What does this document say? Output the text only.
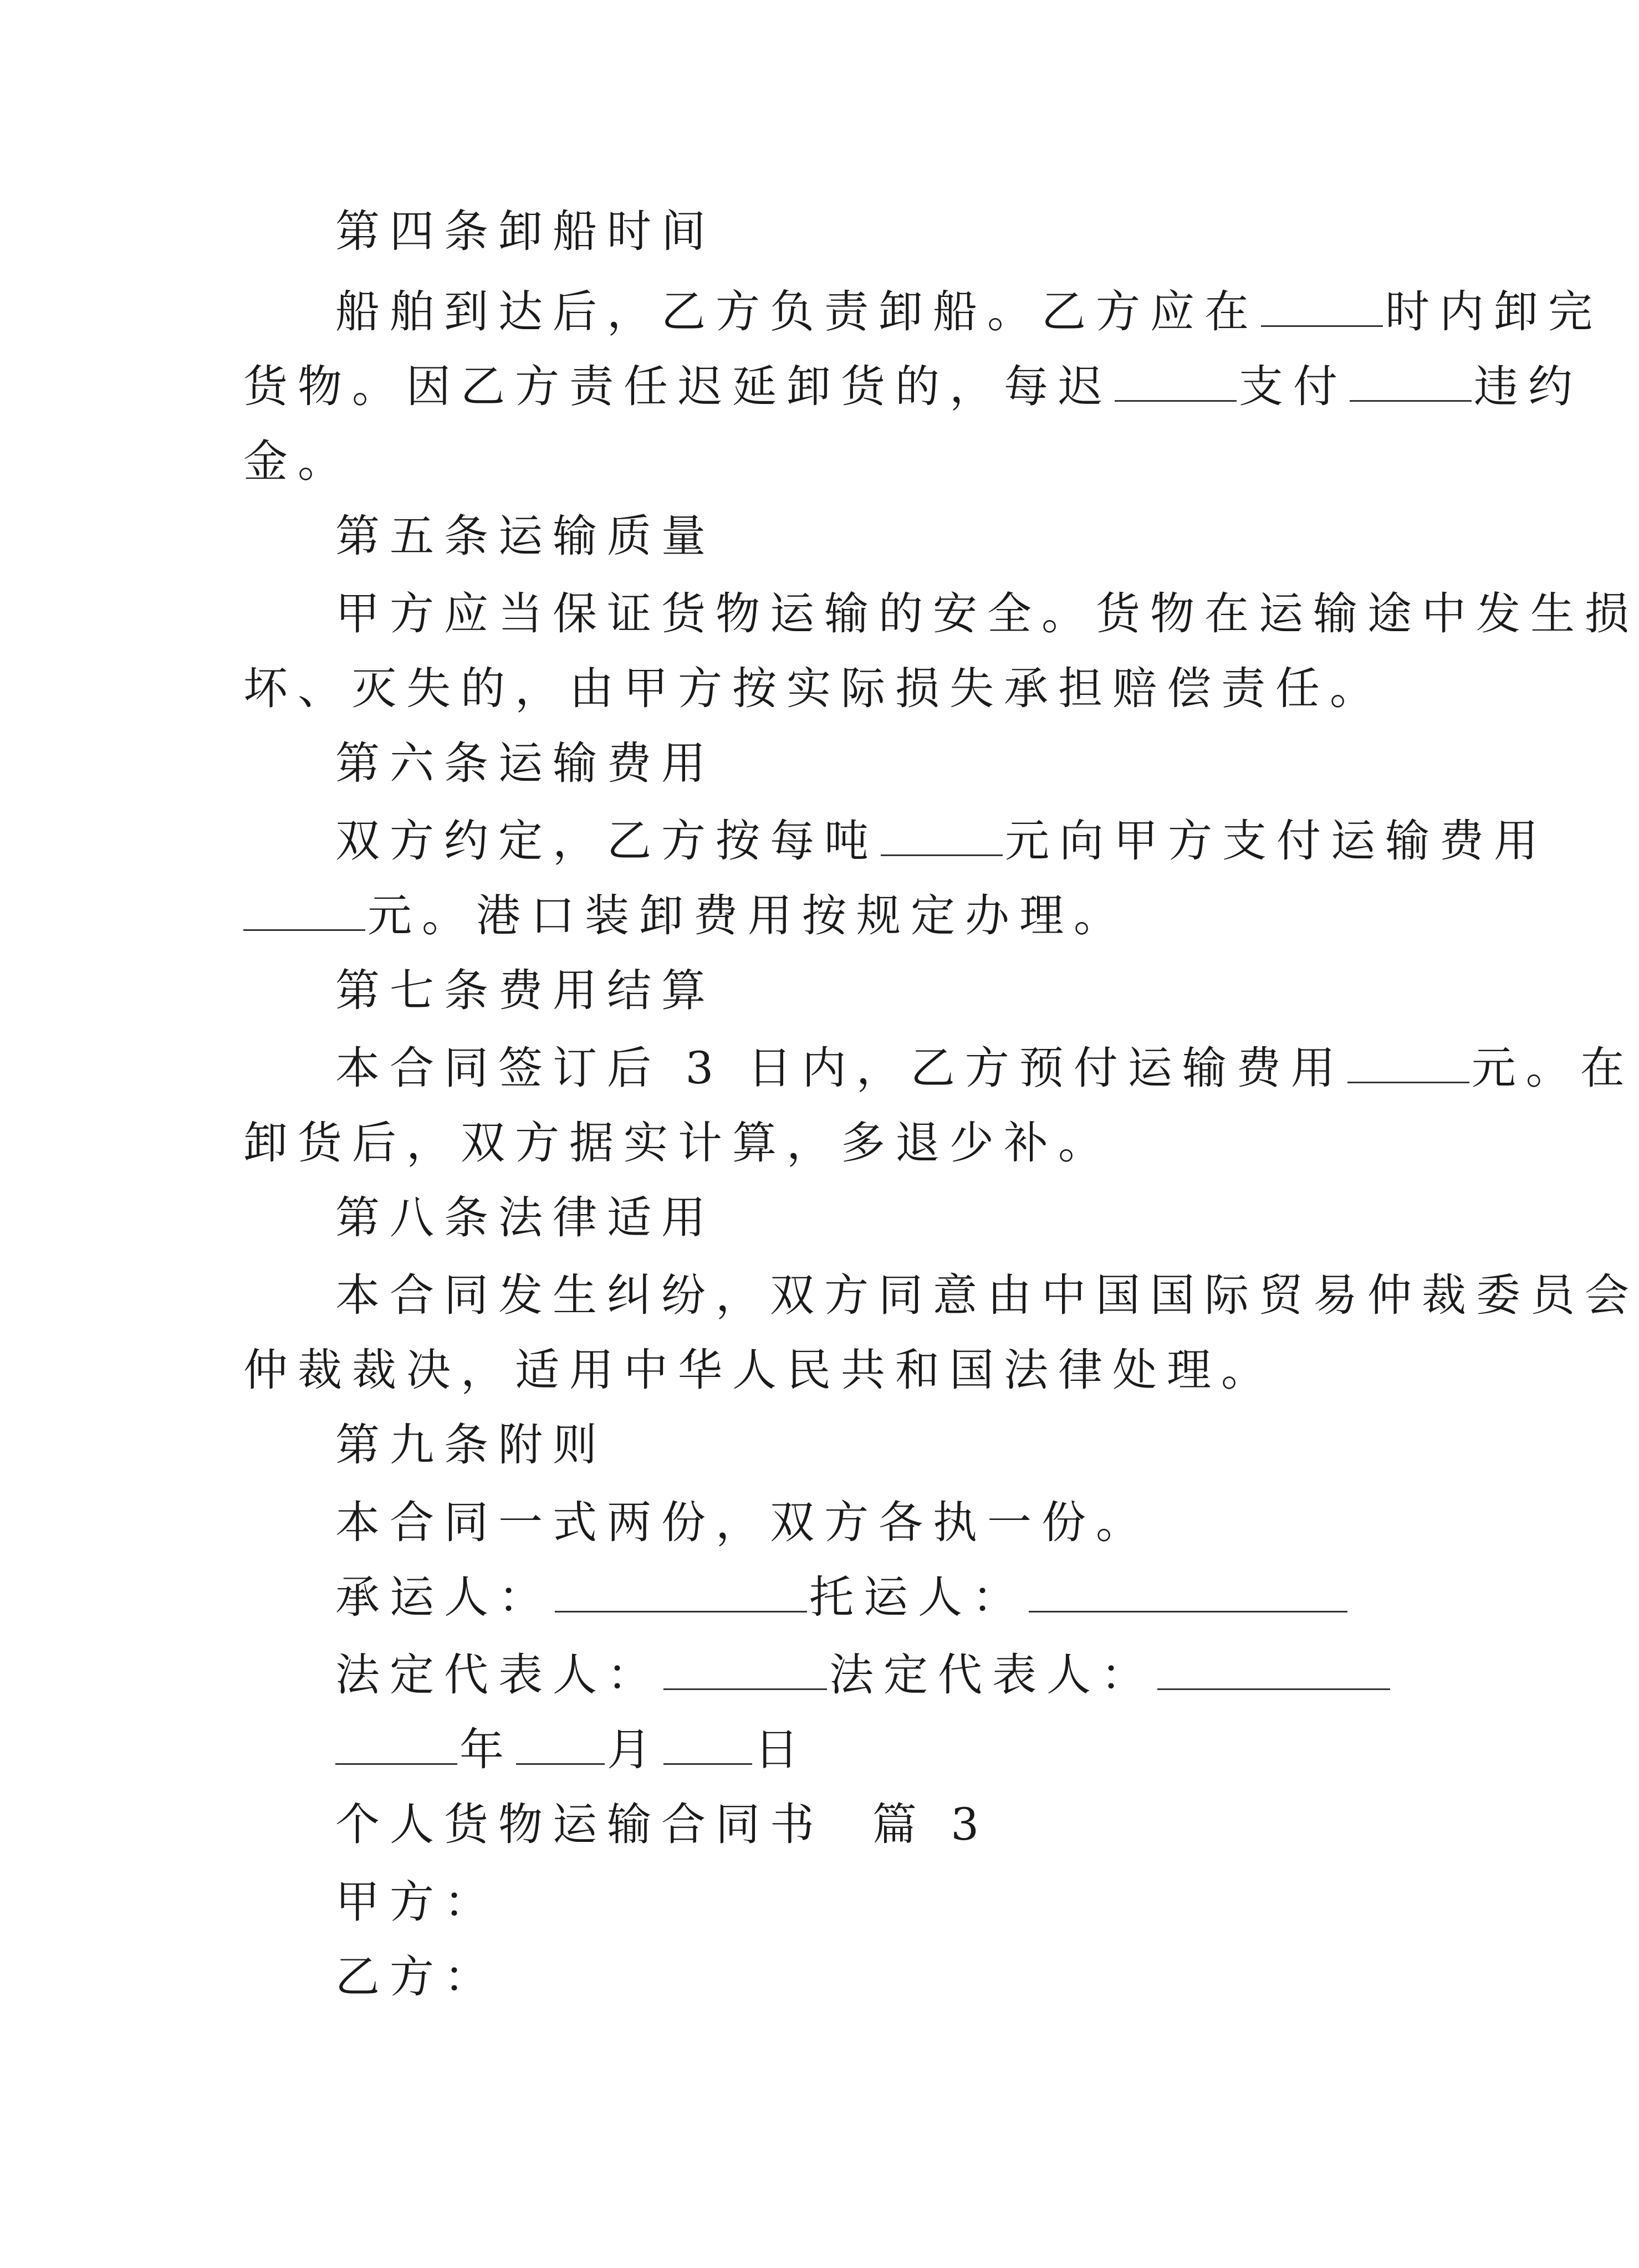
第四条卸船时间
船舶到达后，乙方负责卸船。乙方应在	时内卸完
货物。因乙方责任迟延卸货的，每迟	支付	违约
金。
第五条运输质量
甲方应当保证货物运输的安全。货物在运输途中发生损
坏、灭失的，由甲方按实际损失承担赔偿责任。
第六条运输费用
双方约定，乙方按每吨	元向甲方支付运输费用
元。港口装卸费用按规定办理。
第七条费用结算
本合同签订后 3 日内，乙方预付运输费用	元。在
卸货后，双方据实计算，多退少补。
第八条法律适用
本合同发生纠纷，双方同意由中国国际贸易仲裁委员会
仲裁裁决，适用中华人民共和国法律处理。
第九条附则
本合同一式两份，双方各执一份。
承运人：	托运人：
法定代表人：	法定代表人：
年 月 日
个人货物运输合同书  篇 3
甲方：
乙方：
